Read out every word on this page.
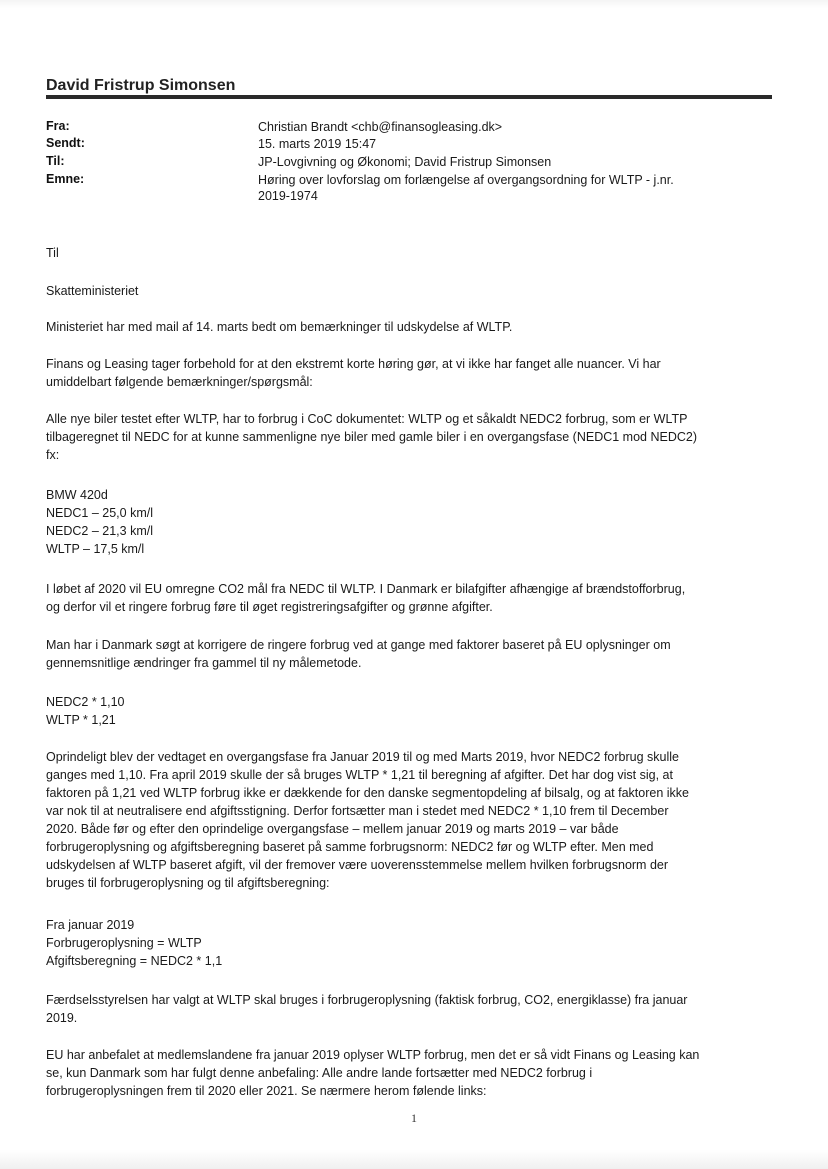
David Fristrup Simonsen
Fra:	Christian Brandt <chb@finansogleasing.dk>
Sendt:	15. marts 2019 15:47
Til:	JP-Lovgivning og Økonomi; David Fristrup Simonsen
Emne:	Høring over lovforslag om forlængelse af overgangsordning for WLTP - j.nr.
2019-1974
Til
Skatteministeriet
Ministeriet har med mail af 14. marts bedt om bemærkninger til udskydelse af WLTP.
Finans og Leasing tager forbehold for at den ekstremt korte høring gør, at vi ikke har fanget alle nuancer. Vi har
umiddelbart følgende bemærkninger/spørgsmål:
Alle nye biler testet efter WLTP, har to forbrug i CoC dokumentet: WLTP og et såkaldt NEDC2 forbrug, som er WLTP
tilbageregnet til NEDC for at kunne sammenligne nye biler med gamle biler i en overgangsfase (NEDC1 mod NEDC2)
fx:
BMW 420d
NEDC1 – 25,0 km/l
NEDC2 – 21,3 km/l
WLTP – 17,5 km/l
I løbet af 2020 vil EU omregne CO2 mål fra NEDC til WLTP. I Danmark er bilafgifter afhængige af brændstofforbrug,
og derfor vil et ringere forbrug føre til øget registreringsafgifter og grønne afgifter.
Man har i Danmark søgt at korrigere de ringere forbrug ved at gange med faktorer baseret på EU oplysninger om
gennemsnitlige ændringer fra gammel til ny målemetode.
NEDC2 * 1,10
WLTP * 1,21
Oprindeligt blev der vedtaget en overgangsfase fra Januar 2019 til og med Marts 2019, hvor NEDC2 forbrug skulle
ganges med 1,10. Fra april 2019 skulle der så bruges WLTP * 1,21 til beregning af afgifter. Det har dog vist sig, at
faktoren på 1,21 ved WLTP forbrug ikke er dækkende for den danske segmentopdeling af bilsalg, og at faktoren ikke
var nok til at neutralisere end afgiftsstigning. Derfor fortsætter man i stedet med NEDC2 * 1,10 frem til December
2020. Både før og efter den oprindelige overgangsfase – mellem januar 2019 og marts 2019 – var både
forbrugeroplysning og afgiftsberegning baseret på samme forbrugsnorm: NEDC2 før og WLTP efter. Men med
udskydelsen af WLTP baseret afgift, vil der fremover være uoverensstemmelse mellem hvilken forbrugsnorm der
bruges til forbrugeroplysning og til afgiftsberegning:
Fra januar 2019
Forbrugeroplysning = WLTP
Afgiftsberegning = NEDC2 * 1,1
Færdselsstyrelsen har valgt at WLTP skal bruges i forbrugeroplysning (faktisk forbrug, CO2, energiklasse) fra januar
2019.
EU har anbefalet at medlemslandene fra januar 2019 oplyser WLTP forbrug, men det er så vidt Finans og Leasing kan
se, kun Danmark som har fulgt denne anbefaling: Alle andre lande fortsætter med NEDC2 forbrug i
forbrugeroplysningen frem til 2020 eller 2021. Se nærmere herom følende links:
1
